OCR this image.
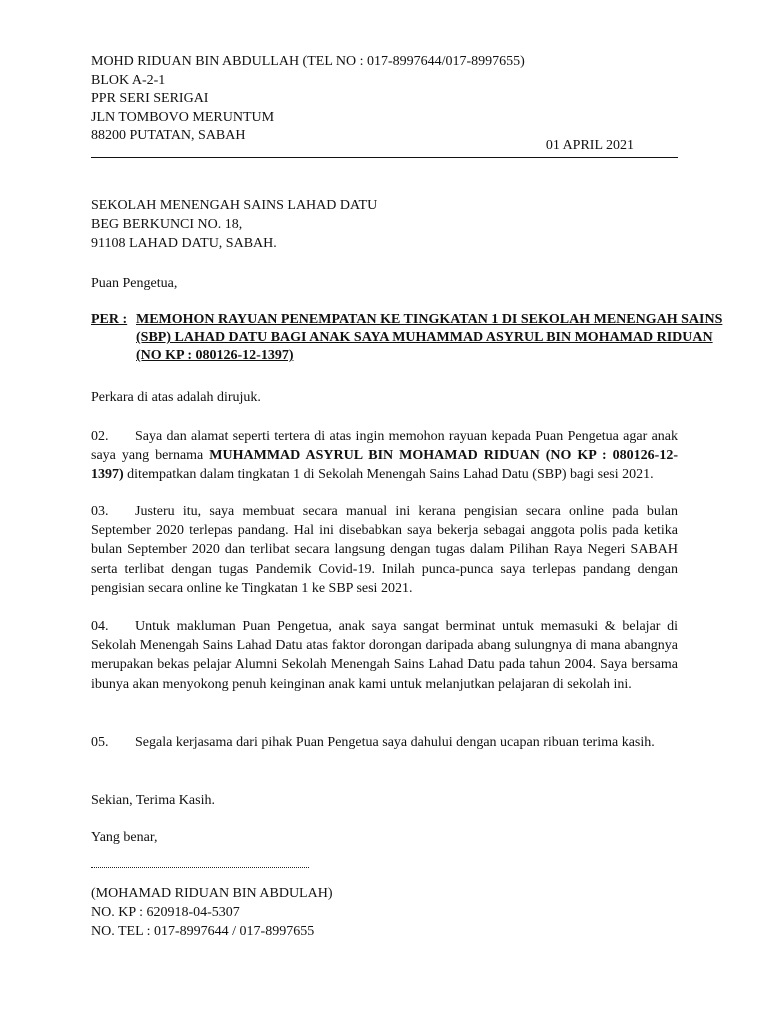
MOHD RIDUAN BIN ABDULLAH (TEL NO : 017-8997644/017-8997655)
BLOK A-2-1
PPR SERI SERIGAI
JLN TOMBOVO MERUNTUM
88200 PUTATAN, SABAH
01 APRIL 2021
SEKOLAH MENENGAH SAINS LAHAD DATU
BEG BERKUNCI NO. 18,
91108 LAHAD DATU, SABAH.
Puan Pengetua,
PER : MEMOHON RAYUAN PENEMPATAN KE TINGKATAN 1 DI SEKOLAH MENENGAH SAINS
(SBP) LAHAD DATU BAGI ANAK SAYA MUHAMMAD ASYRUL BIN MOHAMAD RIDUAN
(NO KP : 080126-12-1397)
Perkara di atas adalah dirujuk.
02. Saya dan alamat seperti tertera di atas ingin memohon rayuan kepada Puan Pengetua agar anak saya yang bernama MUHAMMAD ASYRUL BIN MOHAMAD RIDUAN (NO KP : 080126-12-1397) ditempatkan dalam tingkatan 1 di Sekolah Menengah Sains Lahad Datu (SBP) bagi sesi 2021.
03. Justeru itu, saya membuat secara manual ini kerana pengisian secara online pada bulan September 2020 terlepas pandang. Hal ini disebabkan saya bekerja sebagai anggota polis pada ketika bulan September 2020 dan terlibat secara langsung dengan tugas dalam Pilihan Raya Negeri SABAH serta terlibat dengan tugas Pandemik Covid-19. Inilah punca-punca saya terlepas pandang dengan pengisian secara online ke Tingkatan 1 ke SBP sesi 2021.
04. Untuk makluman Puan Pengetua, anak saya sangat berminat untuk memasuki & belajar di Sekolah Menengah Sains Lahad Datu atas faktor dorongan daripada abang sulungnya di mana abangnya merupakan bekas pelajar Alumni Sekolah Menengah Sains Lahad Datu pada tahun 2004. Saya bersama ibunya akan menyokong penuh keinginan anak kami untuk melanjutkan pelajaran di sekolah ini.
05. Segala kerjasama dari pihak Puan Pengetua saya dahului dengan ucapan ribuan terima kasih.
Sekian, Terima Kasih.
Yang benar,
(MOHAMAD RIDUAN BIN ABDULAH)
NO. KP : 620918-04-5307
NO. TEL : 017-8997644 / 017-8997655
